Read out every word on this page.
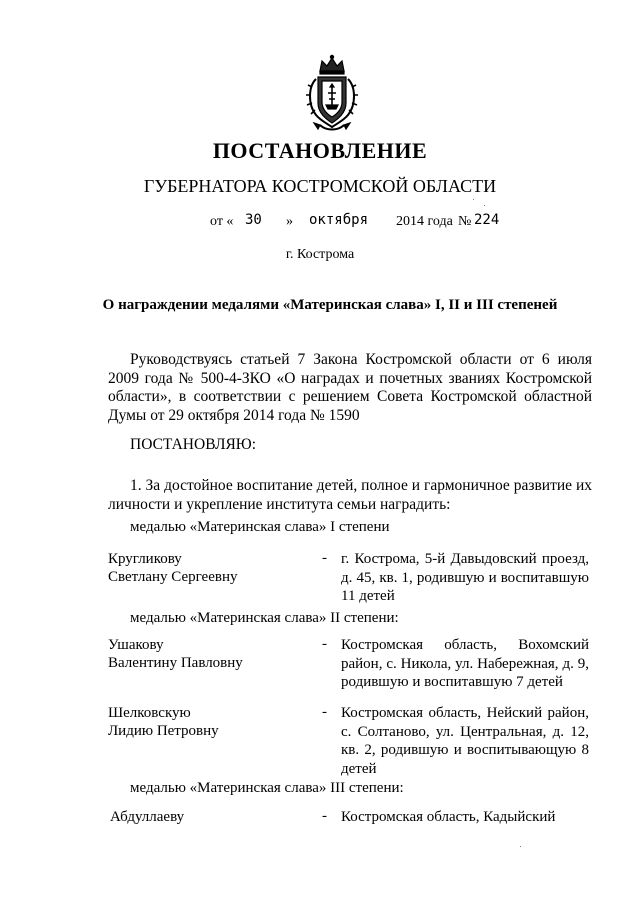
ПОСТАНОВЛЕНИЕ
ГУБЕРНАТОРА КОСТРОМСКОЙ ОБЛАСТИ
от « 30 » октября 2014 года № 224
г. Кострома
О награждении медалями «Материнская слава» I, II и III степеней
Руководствуясь статьей 7 Закона Костромской области от 6 июля 2009 года № 500-4-ЗКО «О наградах и почетных званиях Костромской области», в соответствии с решением Совета Костромской областной Думы от 29 октября 2014 года № 1590
ПОСТАНОВЛЯЮ:
1. За достойное воспитание детей, полное и гармоничное развитие их личности и укрепление института семьи наградить:
медалью «Материнская слава» I степени
Кругликову
Светлану Сергеевну
- г. Кострома, 5-й Давыдовский проезд, д. 45, кв. 1, родившую и воспитавшую 11 детей
медалью «Материнская слава» II степени:
Ушакову
Валентину Павловну
- Костромская область, Вохомский район, с. Никола, ул. Набережная, д. 9, родившую и воспитавшую 7 детей
Шелковскую
Лидию Петровну
- Костромская область, Нейский район, с. Солтаново, ул. Центральная, д. 12, кв. 2, родившую и воспитывающую 8 детей
медалью «Материнская слава» III степени:
Абдуллаеву	- Костромская область, Кадыйский
